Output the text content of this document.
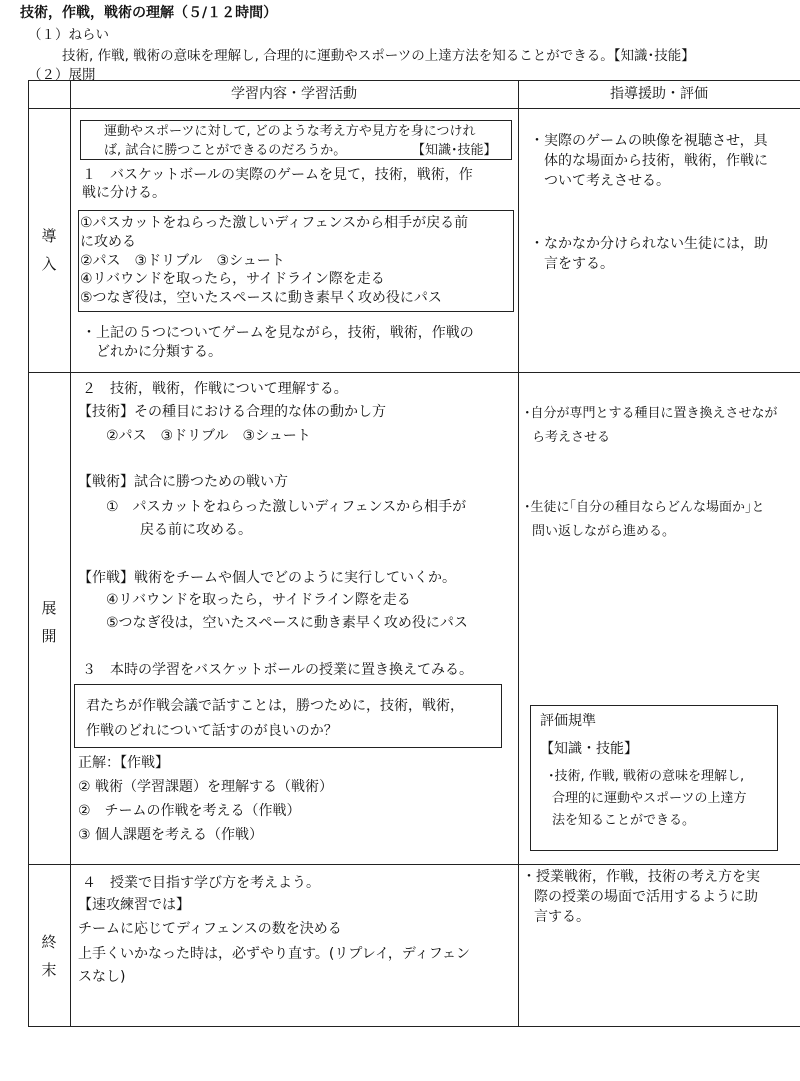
技術，作戦，戦術の理解（５/１２時間）
（１）ねらい
技術, 作戦, 戦術の意味を理解し, 合理的に運動やスポーツの上達方法を知ることができる。【知識･技能】
（２）展開
学習内容・学習活動	指導援助・評価
導
入
展
開
終
末
運動やスポーツに対して, どのような考え方や見方を身につけれ
ば, 試合に勝つことができるのだろうか。	【知識･技能】
１　バスケットボールの実際のゲームを見て，技術，戦術，作
戦に分ける。
①パスカットをねらった激しいディフェンスから相手が戻る前
に攻める
②パス　③ドリブル　③シュート
④リバウンドを取ったら，サイドライン際を走る
⑤つなぎ役は，空いたスペースに動き素早く攻め役にパス
・上記の５つについてゲームを見ながら，技術，戦術，作戦の
どれかに分類する。
・実際のゲームの映像を視聴させ，具
体的な場面から技術，戦術，作戦に
ついて考えさせる。
・なかなか分けられない生徒には，助
言をする。
２　技術，戦術，作戦について理解する。
【技術】その種目における合理的な体の動かし方
②パス　③ドリブル　③シュート
【戦術】試合に勝つための戦い方
①　パスカットをねらった激しいディフェンスから相手が
戻る前に攻める。
【作戦】戦術をチームや個人でどのように実行していくか。
④リバウンドを取ったら，サイドライン際を走る
⑤つなぎ役は，空いたスペースに動き素早く攻め役にパス
３　本時の学習をバスケットボールの授業に置き換えてみる。
君たちが作戦会議で話すことは，勝つために，技術，戦術，
作戦のどれについて話すのが良いのか？
正解：【作戦】
② 戦術（学習課題）を理解する（戦術）
②　チームの作戦を考える（作戦）
③ 個人課題を考える（作戦）
･自分が専門とする種目に置き換えさせなが
ら考えさせる
･生徒に｢自分の種目ならどんな場面か｣と
問い返しながら進める。
評価規準
【知識・技能】
･技術, 作戦, 戦術の意味を理解し,
合理的に運動やスポーツの上達方
法を知ることができる。
４　授業で目指す学び方を考えよう。
【速攻練習では】
チームに応じてディフェンスの数を決める
上手くいかなった時は，必ずやり直す。(リプレイ，ディフェン
スなし)
・授業戦術，作戦，技術の考え方を実
際の授業の場面で活用するように助
言する。
